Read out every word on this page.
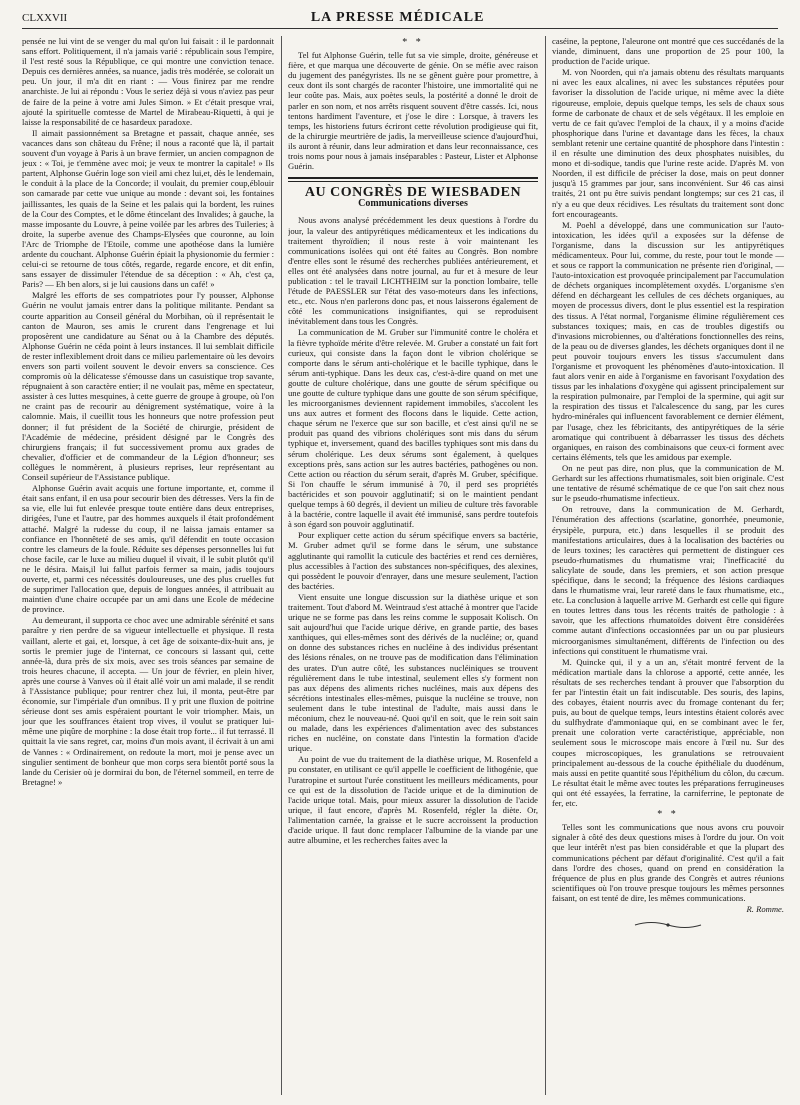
CLXXVII	LA PRESSE MÉDICALE

pensée ne lui vint de se venger du mal qu'on lui faisait : il le pardonnait sans effort. Politiquement, il n'a jamais varié : républicain sous l'empire, il l'est resté sous la République, ce qui montre une conviction tenace. Depuis ces dernières années, sa nuance, jadis très modérée, se colorait un peu. Un jour, il m'a dit en riant : — Vous finirez par me rendre anarchiste. Je lui ai répondu : Vous le seriez déjà si vous n'aviez pas peur de faire de la peine à votre ami Jules Simon. » Et c'était presque vrai, ajouté la spirituelle comtesse de Martel de Mirabeau-Riquetti, à qui je laisse la responsabilité de ce hasardeux paradoxe.

Il aimait passionnément sa Bretagne et passait, chaque année, ses vacances dans son château du Frêne; il nous a raconté que là, il partait souvent d'un voyage à Paris à un brave fermier, un ancien compagnon de jeux : « Toi, je t'emmène avec moi; je veux te montrer la capitale! » Ils partent, Alphonse Guérin loge son vieil ami chez lui,et, dès le lendemain, le conduit à la place de la Concorde; il voulait, du premier coup,éblouir son camarade par cette vue unique au monde : devant soi, les fontaines jaillissantes, les quais de la Seine et les palais qui la bordent, les ruines de la Cour des Comptes, et le dôme étincelant des Invalides; à gauche, la masse imposante du Louvre, à peine voilée par les arbres des Tuileries; à droite, la superbe avenue des Champs-Elysées que couronne, au loin l'Arc de Triomphe de l'Etoile, comme une apothéose dans la lumière ardente du couchant. Alphonse Guérin épiait la physionomie du fermier : celui-ci se retourne de tous côtés, regarde, regarde encore, et dit enfin, sans essayer de dissimuler l'étendue de sa déception : « Ah, c'est ça, Paris? — Eh ben alors, si je lui causions dans un café! »

Malgré les efforts de ses compatriotes pour l'y pousser, Alphonse Guérin ne voulut jamais entrer dans la politique militante. Pendant sa courte apparition au Conseil général du Morbihan, où il représentait le canton de Mauron, ses amis le crurent dans l'engrenage et lui proposèrent une candidature au Sénat ou à la Chambre des députés. Alphonse Guérin ne céda point à leurs instances. Il lui semblait difficile de rester inflexiblement droit dans ce milieu parlementaire où les devoirs envers son parti voilent souvent le devoir envers sa conscience. Ces compromis où la délicatesse s'émousse dans un casuistique trop savante, répugnaient à son caractère entier; il ne voulait pas, même en spectateur, assister à ces luttes mesquines, à cette guerre de groupe à groupe, où l'on ne craint pas de recourir au dénigrement systématique, voire à la calomnie. Mais, il cueillit tous les honneurs que notre profession peut donner; il fut président de la Société de chirurgie, président de l'Académie de médecine, président désigné par le Congrès des chirurgiens français; il fut successivement promu aux grades de chevalier, d'officier et de commandeur de la Légion d'honneur; ses collègues le nommèrent, à plusieurs reprises, leur représentant au Conseil supérieur de l'Assistance publique.

Alphonse Guérin avait acquis une fortune importante, et, comme il était sans enfant, il en usa pour secourir bien des détresses. Vers la fin de sa vie, elle lui fut enlevée presque toute entière dans deux entreprises, dirigées, l'une et l'autre, par des hommes auxquels il était profondément attaché. Malgré la rudesse du coup, il ne laissa jamais entamer sa confiance en l'honnêteté de ses amis, qu'il défendit en toute occasion contre les clameurs de la foule. Réduite ses dépenses personnelles lui fut chose facile, car le luxe au milieu duquel il vivait, il le subit plutôt qu'il ne le désira. Mais,il lui fallut parfois fermer sa main, jadis toujours ouverte, et, parmi ces nécessités douloureuses, une des plus cruelles fut de supprimer l'allocation que, depuis de longues années, il attribuait au maintien d'une chaire occupée par un ami dans une Ecole de médecine de province.

Au demeurant, il supporta ce choc avec une admirable sérénité et sans paraître y rien perdre de sa vigueur intellectuelle et physique. Il resta vaillant, alerte et gai, et, lorsque, à cet âge de soixante-dix-huit ans, je sortis le premier juge de l'internat, ce concours si lassant qui, cette année-là, dura près de six mois, avec ses trois séances par semaine de trois heures chacune, il accepta. — Un jour de février, en plein hiver, après une course à Vanves où il était allé voir un ami malade, il se rendit à l'Assistance publique; pour rentrer chez lui, il monta, peut-être par économie, sur l'impériale d'un omnibus. Il y prit une fluxion de poitrine sérieuse dont ses amis espéraient pourtant le voir triompher. Mais, un jour que les souffrances étaient trop vives, il voulut se pratiquer lui-même une piqûre de morphine : la dose était trop forte... il fut terrassé. Il quittait la vie sans regret, car, moins d'un mois avant, il écrivait à un ami de Vannes : « Ordinairement, on redoute la mort, moi je pense avec un singulier sentiment de bonheur que mon corps sera bientôt porté sous la lande du Cerisier où je dormirai du bon, de l'éternel sommeil, en terre de Bretagne! »

* *

Tel fut Alphonse Guérin, telle fut sa vie simple, droite, généreuse et fière, et que marqua une découverte de génie. On se méfie avec raison du jugement des panégyristes. Ils ne se gênent guère pour promettre, à ceux dont ils sont chargés de raconter l'histoire, une immortalité qui ne leur coûte pas. Mais, aux poètes seuls, la postérité a donné le droit de parler en son nom, et nos arrêts risquent souvent d'être cassés. Ici, nous tentons hardiment l'aventure, et j'ose le dire : Lorsque, à travers les temps, les historiens futurs écriront cette révolution prodigieuse qui fit, de la chirurgie meurtrière de jadis, la merveilleuse science d'aujourd'hui, ils auront à réunir, dans leur admiration et dans leur reconnaissance, ces trois noms pour nous à jamais inséparables : Pasteur, Lister et Alphonse Guérin.

AU CONGRÈS DE WIESBADEN
Communications diverses

Nous avons analysé précédemment les deux questions à l'ordre du jour, la valeur des antipyrétiques médicamenteux et les indications du traitement thyroïdien; il nous reste à voir maintenant les communications isolées qui ont été faites au Congrès. Bon nombre d'entre elles sont le résumé des recherches publiées antérieurement, et elles ont été analysées dans notre journal, au fur et à mesure de leur publication : tel le travail LICHTHEIM sur la ponction lombaire, telle l'étude de PAESSLER sur l'état des vaso-moteurs dans les infections, etc., etc. Nous n'en parlerons donc pas, et nous laisserons également de côté les communications insignifiantes, qui se reproduisent inévitablement dans tous les Congrès.

La communication de M. Gruber sur l'immunité contre le choléra et la fièvre typhoïde mérite d'être relevée. M. Gruber a constaté un fait fort curieux, qui consiste dans la façon dont le vibrion cholérique se comporte dans le sérum anti-cholérique et le bacille typhique, dans le sérum anti-typhique. Dans les deux cas, c'est-à-dire quand on met une goutte de culture cholérique, dans une goutte de sérum spécifique ou une goutte de culture typhique dans une goutte de son sérum spécifique, les microorganismes deviennent rapidement immobiles, s'accolent les uns aux autres et forment des flocons dans le liquide. Cette action, chaque sérum ne l'exerce que sur son bacille, et c'est ainsi qu'il ne se produit pas quand des vibrions cholériques sont mis dans du sérum typhique et, inversement, quand des bacilles typhiques sont mis dans du sérum cholérique. Les deux sérums sont également, à quelques exceptions près, sans action sur les autres bactéries, pathogènes ou non. Cette action ou réaction du sérum serait, d'après M. Gruber, spécifique. Si l'on chauffe le sérum immunisé à 70, il perd ses propriétés bactéricides et son pouvoir agglutinatif; si on le maintient pendant quelque temps à 60 degrés, il devient un milieu de culture très favorable à la bactérie, contre laquelle il avait été immunisé, sans perdre toutefois à son égard son pouvoir agglutinatif.

Pour expliquer cette action du sérum spécifique envers sa bactérie, M. Gruber admet qu'il se forme dans le sérum, une substance agglutinante qui ramollit la cuticule des bactéries et rend ces dernières, plus accessibles à l'action des substances non-spécifiques, des alexines, qui possèdent le pouvoir d'enrayer, dans une mesure seulement, l'action des bactéries.

Vient ensuite une longue discussion sur la diathèse urique et son traitement. Tout d'abord M. Weintraud s'est attaché à montrer que l'acide urique ne se forme pas dans les reins comme le supposait Kolisch. On sait aujourd'hui que l'acide urique dérive, en grande partie, des bases xanthiques, qui elles-mêmes sont des dérivés de la nucléine; or, quand on donne des substances riches en nucléine à des individus présentant des lésions rénales, on ne trouve pas de modification dans l'élimination des urates. D'un autre côté, les substances nucléiniques se trouvent régulièrement dans le tube intestinal, seulement elles s'y forment non pas aux dépens des aliments riches nucléines, mais aux dépens des sécrétions intestinales elles-mêmes, puisque la nucléine se trouve, non seulement dans le tube intestinal de l'adulte, mais aussi dans le méconium, chez le nouveau-né. Quoi qu'il en soit, que le rein soit sain ou malade, dans les expériences d'alimentation avec des substances riches en nucléine, on constate dans l'intestin la formation d'acide urique.

Au point de vue du traitement de la diathèse urique, M. Rosenfeld a pu constater, en utilisant ce qu'il appelle le coefficient de lithogénie, que l'uratropine et surtout l'urée constituent les meilleurs médicaments, pour ce qui est de la dissolution de l'acide urique et de la diminution de l'acide urique total. Mais, pour mieux assurer la dissolution de l'acide urique, il faut encore, d'après M. Rosenfeld, régler la diète. Or, l'alimentation carnée, la graisse et le sucre accroissent la production d'acide urique. Il faut donc remplacer l'albumine de la viande par une autre albumine, et les recherches faites avec la

caséine, la peptone, l'aleurone ont montré que ces succédanés de la viande, diminuent, dans une proportion de 25 pour 100, la production de l'acide urique.

M. von Noorden, qui n'a jamais obtenu des résultats marquants ni avec les eaux alcalines, ni avec les substances réputées pour favoriser la dissolution de l'acide urique, ni même avec la diète rigoureuse, emploie, depuis quelque temps, les sels de chaux sous forme de carbonate de chaux et de sels végétaux. Il les emploie en vertu de ce fait qu'avec l'emploi de la chaux, il y a moins d'acide phosphorique dans l'urine et davantage dans les fèces, la chaux semblant retenir une certaine quantité de phosphore dans l'intestin : il en résulte une diminution des deux phosphates nuisibles, du mono et di-sodique, tandis que l'urine reste acide. D'après M. von Noorden, il est difficile de préciser la dose, mais on peut donner jusqu'à 15 grammes par jour, sans inconvénient. Sur 46 cas ainsi traités, 21 ont pu être suivis pendant longtemps; sur ces 21 cas, il n'y a eu que deux récidives. Les résultats du traitement sont donc fort encourageants.

M. Poehl a développé, dans une communication sur l'auto-intoxication, les idées qu'il a exposées sur la défense de l'organisme, dans la discussion sur les antipyrétiques médicamenteux. Pour lui, comme, du reste, pour tout le monde — et sous ce rapport la communication ne présente rien d'original, — l'auto-intoxication est provoquée principalement par l'accumulation de déchets organiques incomplètement oxydés. L'organisme s'en défend en déchargeant les cellules de ces déchets organiques, au moyen de processus divers, dont le plus essentiel est la respiration des tissus. A l'état normal, l'organisme élimine régulièrement ces substances toxiques; mais, en cas de troubles digestifs ou d'invasions microbiennes, ou d'altérations fonctionnelles des reins, de la peau ou de diverses glandes, les déchets organiques dont il ne peut pouvoir toujours envers les tissus s'accumulent dans l'organisme et provoquent les phénomènes d'auto-intoxication. Il faut alors venir en aide à l'organisme en favorisant l'oxydation des tissus par les inhalations d'oxygène qui agissent principalement sur la respiration pulmonaire, par l'emploi de la spermine, qui agit sur la respiration des tissus et l'alcalescence du sang, par les cures hydro-minérales qui influencent favorablement ce dernier élément, par l'usage, chez les fébricitants, des antipyrétiques de la série aromatique qui contribuent à débarrasser les tissus des déchets organiques, en raison des combinaisons que ceux-ci forment avec certains éléments, tels que les amidous par exemple.

On ne peut pas dire, non plus, que la communication de M. Gerhardt sur les affections rhumatismales, soit bien originale. C'est une tentative de résumé schématique de ce que l'on sait chez nous sur le pseudo-rhumatisme infectieux.

On retrouve, dans la communication de M. Gerhardt, l'énumération des affections (scarlatine, gonorrhée, pneumonie, érysipèle, purpura, etc.) dans lesquelles il se produit des manifestations articulaires, dues à la localisation des bactéries ou de leurs toxines; les caractères qui permettent de distinguer ces pseudo-rhumatismes du rhumatisme vrai; l'inefficacité du salicylate de soude, dans les premiers, et son action presque spécifique, dans le second; la fréquence des lésions cardiaques dans le rhumatisme vrai, leur rareté dans le faux rhumatisme, etc., etc. La conclusion à laquelle arrive M. Gerhardt est celle qui figure en toutes lettres dans tous les récents traités de pathologie : à savoir, que les affections rhumatoïdes doivent être considérées comme autant d'infections occasionnées par un ou par plusieurs microorganismes simultanément, différents de l'infection ou des infections qui constituent le rhumatisme vrai.

M. Quincke qui, il y a un an, s'était montré fervent de la médication martiale dans la chlorose a apporté, cette année, les résultats de ses recherches tendant à prouver que l'absorption du fer par l'intestin était un fait indiscutable. Des souris, des lapins, des cobayes, étaient nourris avec du fromage contenant du fer; puis, au bout de quelque temps, leurs intestins étaient colorés avec du sulfhydrate d'ammoniaque qui, en se combinant avec le fer, prenait une coloration verte caractéristique, appréciable, non seulement sous le microscope mais encore à l'œil nu. Sur des coupes microscopiques, les granulations se retrouvaient principalement au-dessous de la couche épithéliale du duodénum, mais aussi en petite quantité sous l'épithélium du côlon, du cæcum. Le résultat était le même avec toutes les préparations ferrugineuses qui ont été essayées, la ferratine, la carniferrine, le peptonate de fer, etc.

* *

Telles sont les communications que nous avons cru pouvoir signaler à côté des deux questions mises à l'ordre du jour. On voit que leur intérêt n'est pas bien considérable et que la plupart des communications péchent par défaut d'originalité. C'est qu'il a fait dans l'ordre des choses, quand on prend en considération la fréquence de plus en plus grande des Congrès et autres réunions scientifiques où l'on trouve presque toujours les mêmes personnes faisant, on est tenté de dire, les mêmes communications.

R. Romme.
